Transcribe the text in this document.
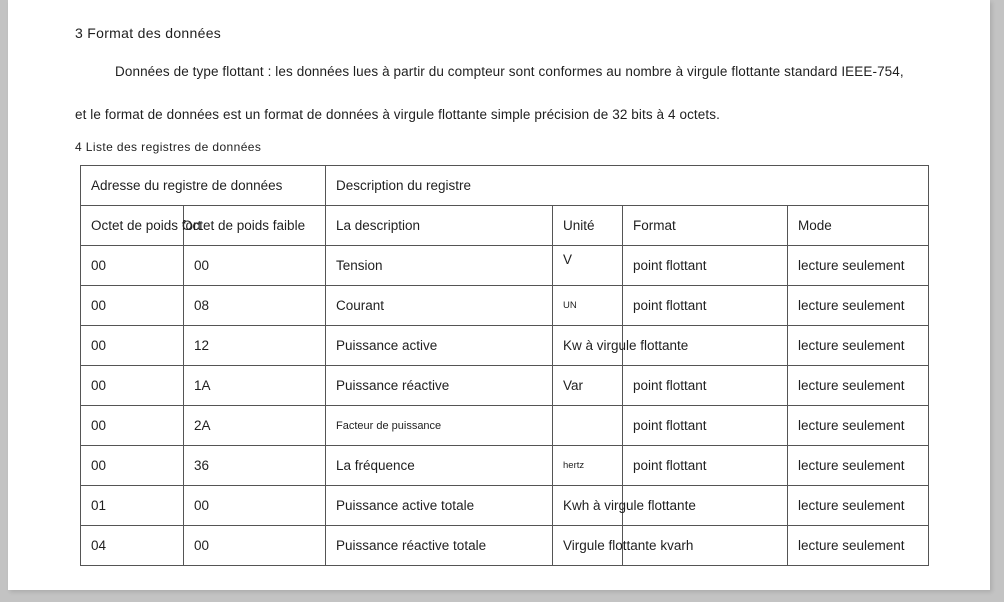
3 Format des données
Données de type flottant : les données lues à partir du compteur sont conformes au nombre à virgule flottante standard IEEE-754,
et le format de données est un format de données à virgule flottante simple précision de 32 bits à 4 octets.
4 Liste des registres de données
Adresse du registre de données		Description du registre			
Octet de poids fort	Octet de poids faible	La description	Unité	Format	Mode
00	00	Tension	V	point flottant	lecture seulement
00	08	Courant	UN	point flottant	lecture seulement
00	12	Puissance active	Kw à virgule flottante		lecture seulement
00	1A	Puissance réactive	Var	point flottant	lecture seulement
00	2A	Facteur de puissance		point flottant	lecture seulement
00	36	La fréquence	hertz	point flottant	lecture seulement
01	00	Puissance active totale	Kwh à virgule flottante		lecture seulement
04	00	Puissance réactive totale	Virgule flottante kvarh		lecture seulement
